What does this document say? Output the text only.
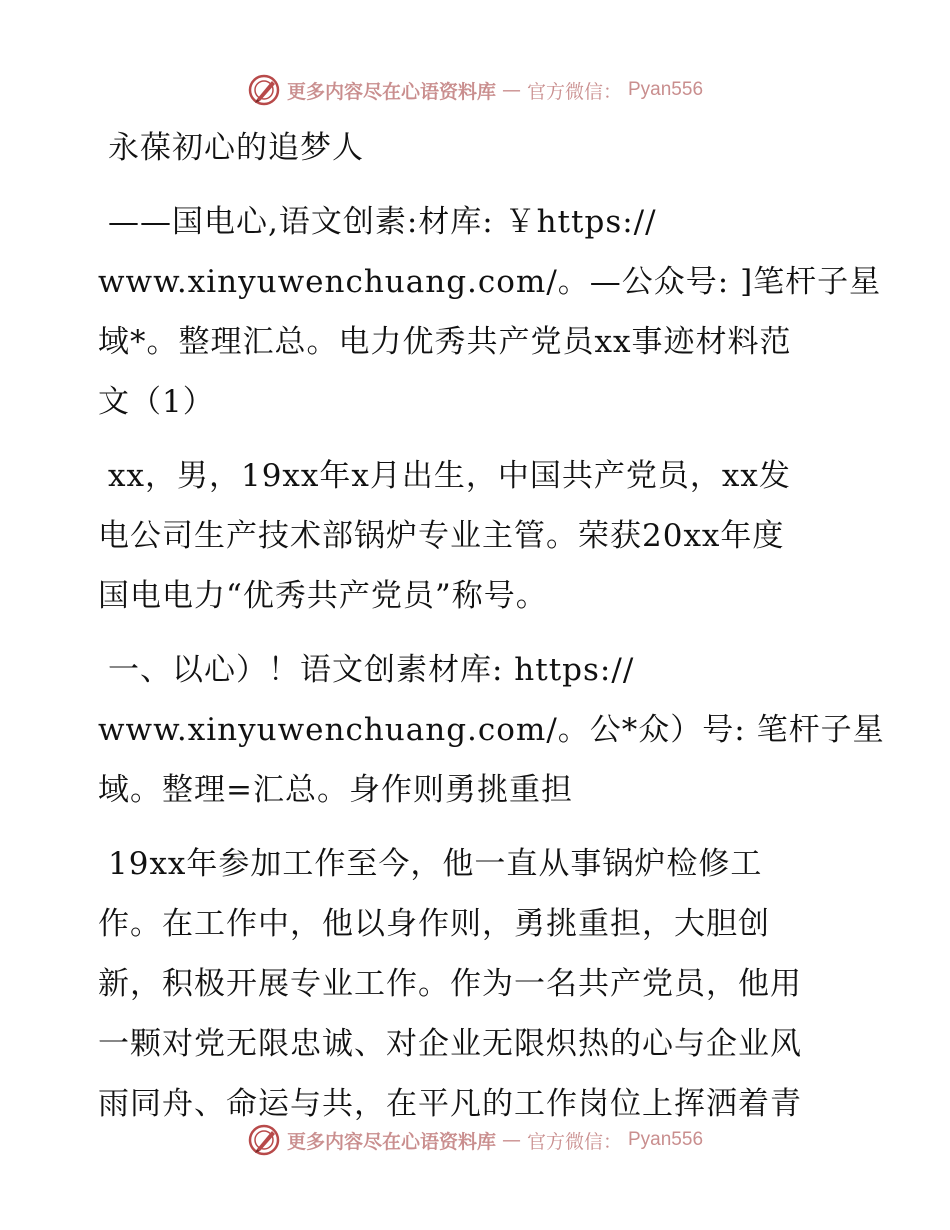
更多内容尽在心语资料库 — 官方微信： Pyan556
永葆初心的追梦人
——国电心,语文创素:材库: ￥https://
www.xinyuwenchuang.com/。—公众号: ]笔杆子星
域*。整理汇总。电力优秀共产党员xx事迹材料范
文（1）
xx，男，19xx年x月出生，中国共产党员，xx发
电公司生产技术部锅炉专业主管。荣获20xx年度
国电电力“优秀共产党员”称号。
一、以心）！语文创素材库: https://
www.xinyuwenchuang.com/。公*众）号: 笔杆子星
域。整理=汇总。身作则勇挑重担
19xx年参加工作至今，他一直从事锅炉检修工
作。在工作中，他以身作则，勇挑重担，大胆创
新，积极开展专业工作。作为一名共产党员，他用
一颗对党无限忠诚、对企业无限炽热的心与企业风
雨同舟、命运与共，在平凡的工作岗位上挥洒着青
更多内容尽在心语资料库 — 官方微信： Pyan556
